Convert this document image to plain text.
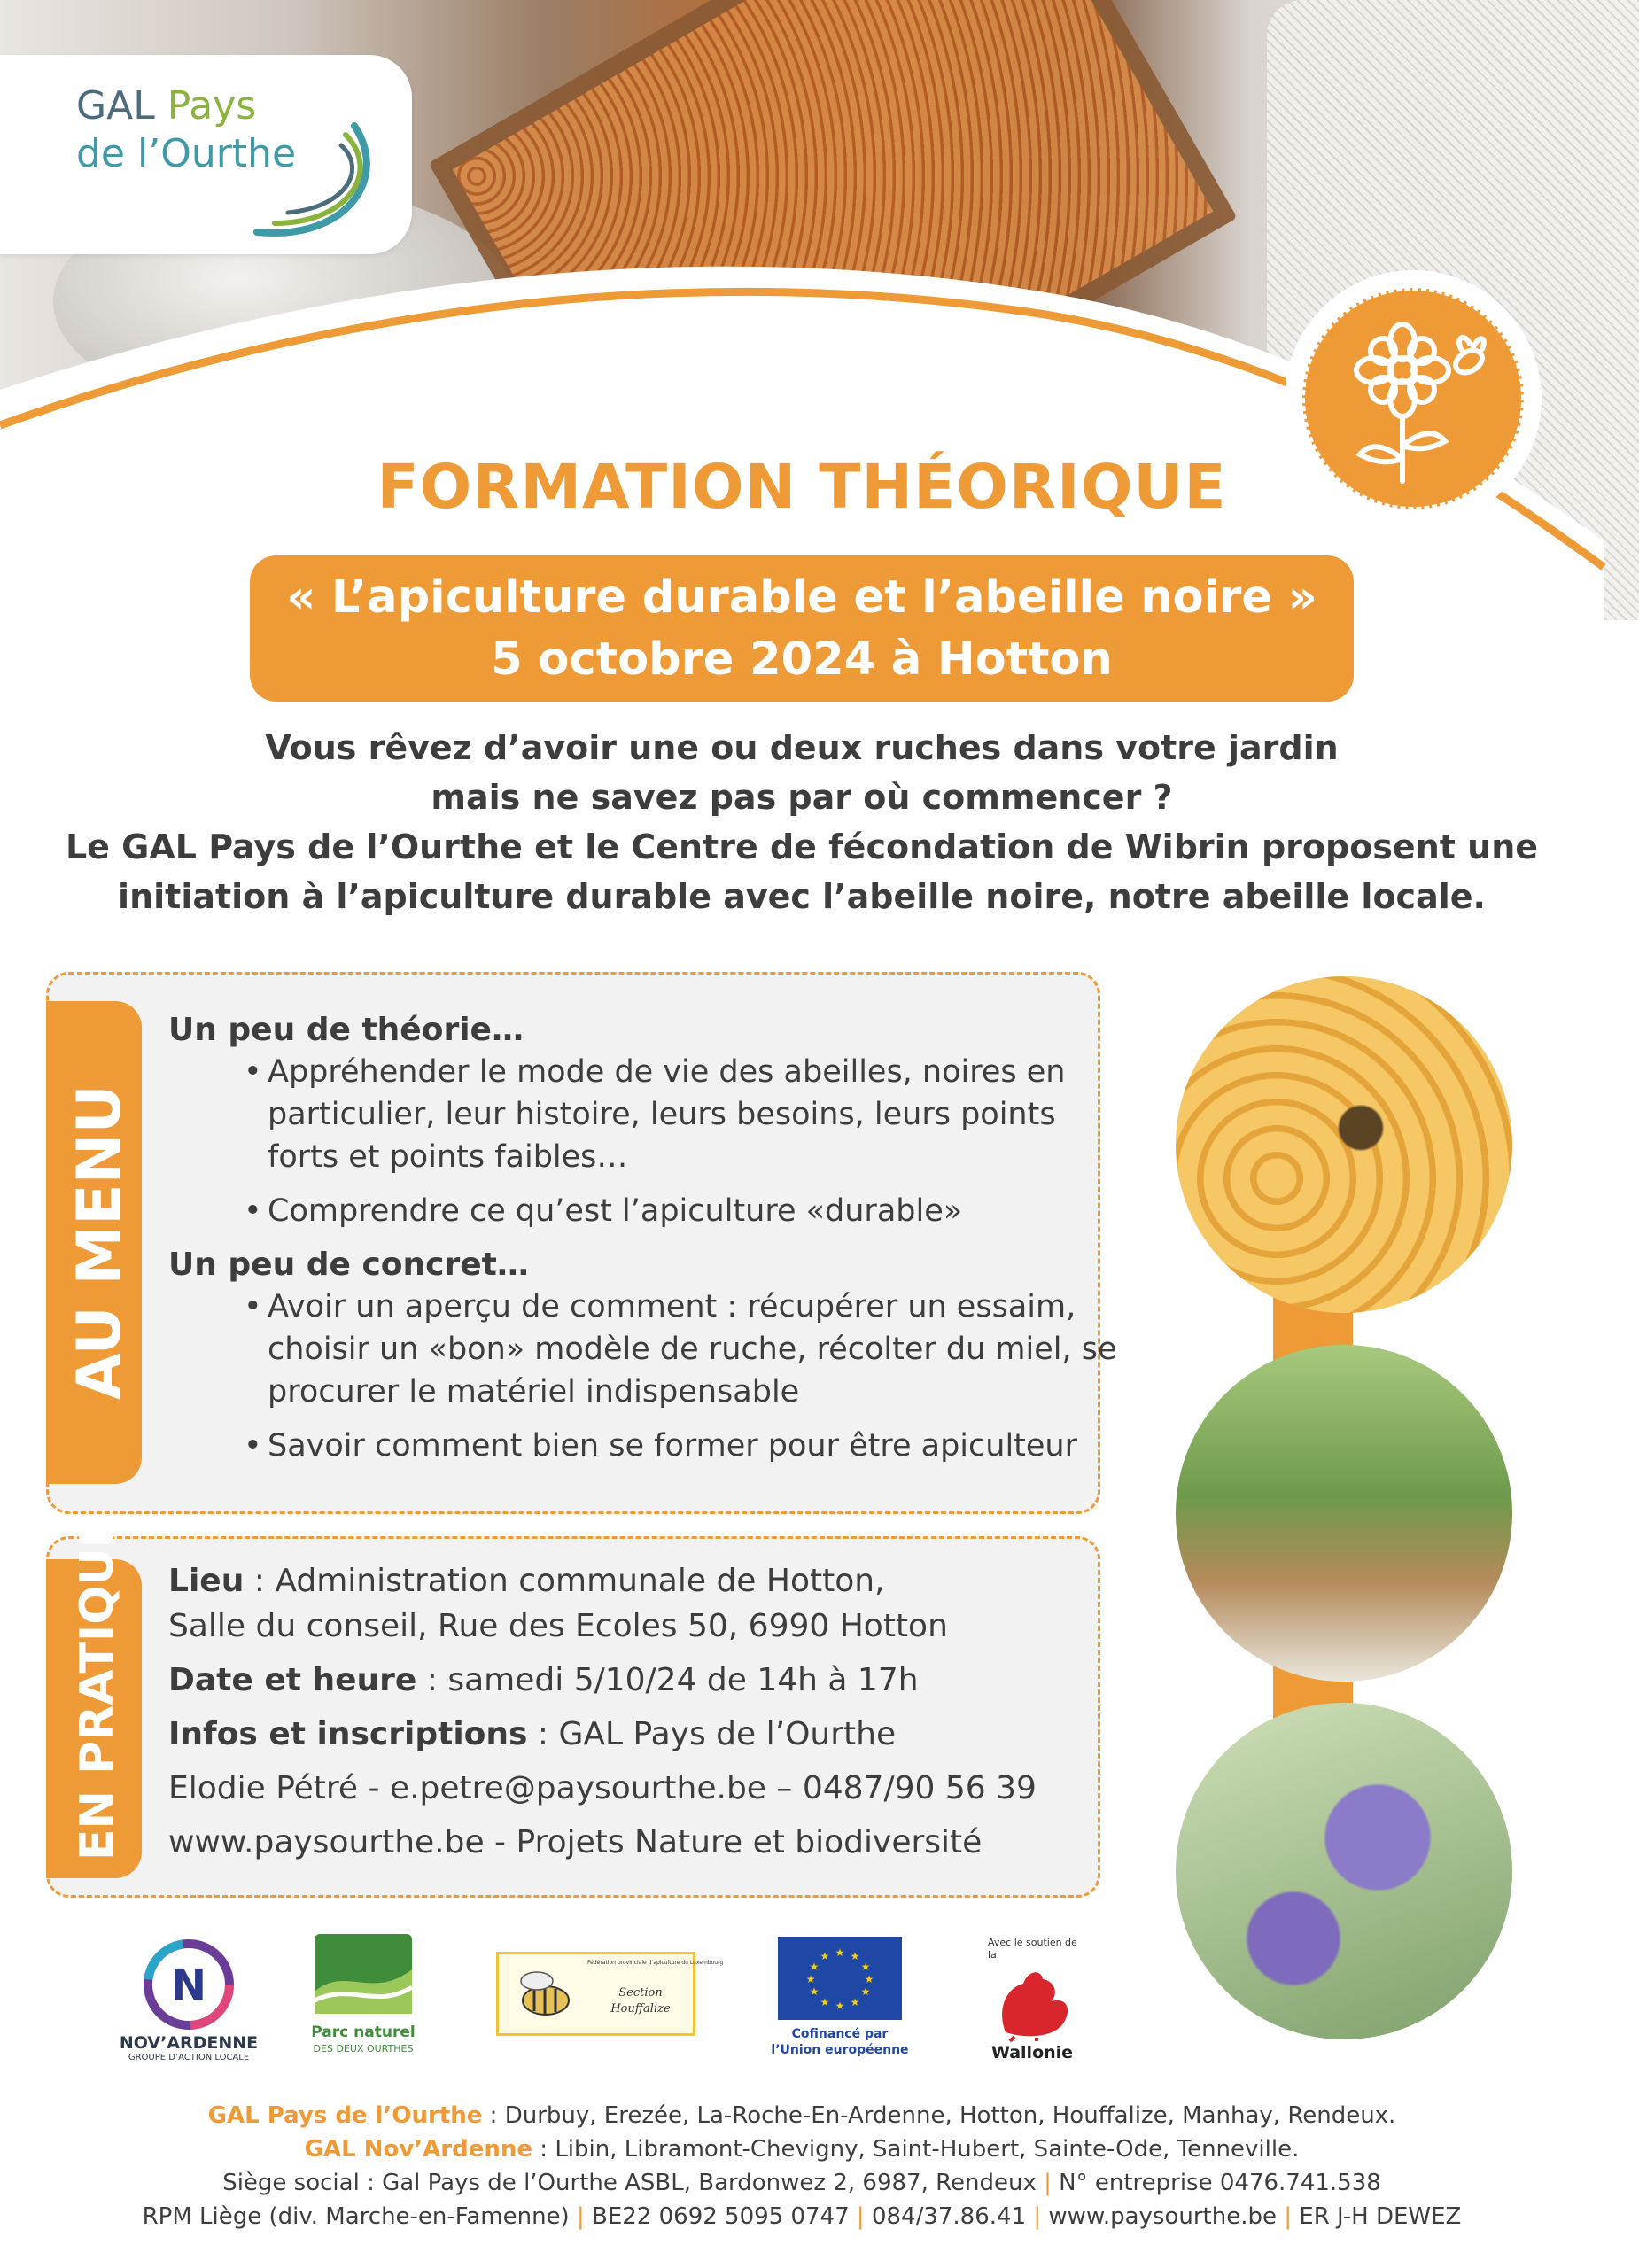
GAL Pays
de l’Ourthe
FORMATION THÉORIQUE
« L’apiculture durable et l’abeille noire »
5 octobre 2024 à Hotton
Vous rêvez d’avoir une ou deux ruches dans votre jardin
mais ne savez pas par où commencer ?
Le GAL Pays de l’Ourthe et le Centre de fécondation de Wibrin proposent une
initiation à l’apiculture durable avec l’abeille noire, notre abeille locale.
AU MENU
Un peu de théorie…
• Appréhender le mode de vie des abeilles, noires en
particulier, leur histoire, leurs besoins, leurs points
forts et points faibles…
• Comprendre ce qu’est l’apiculture «durable»
Un peu de concret…
• Avoir un aperçu de comment : récupérer un essaim,
choisir un «bon» modèle de ruche, récolter du miel, se
procurer le matériel indispensable
• Savoir comment bien se former pour être apiculteur
EN PRATIQUE Lieu : Administration communale de Hotton,
Salle du conseil, Rue des Ecoles 50, 6990 Hotton
Date et heure : samedi 5/10/24 de 14h à 17h
Infos et inscriptions : GAL Pays de l’Ourthe
Elodie Pétré - e.petre@paysourthe.be – 0487/90 56 39
www.paysourthe.be - Projets Nature et biodiversité
N
NOV’ARDENNE
GROUPE D’ACTION LOCALE
Parc naturel
DES DEUX OURTHES
Fédération provinciale d’apiculture du Luxembourg
Section
Houffalize
★ ★
★
★
★
★
★
★
★
★
★
★
Cofinancé par
l’Union européenne
Avec le soutien de
la
Wallonie
GAL Pays de l’Ourthe : Durbuy, Erezée, La-Roche-En-Ardenne, Hotton, Houffalize, Manhay, Rendeux.
GAL Nov’Ardenne : Libin, Libramont-Chevigny, Saint-Hubert, Sainte-Ode, Tenneville.
Siège social : Gal Pays de l’Ourthe ASBL, Bardonwez 2, 6987, Rendeux | N° entreprise 0476.741.538
RPM Liège (div. Marche-en-Famenne) | BE22 0692 5095 0747 | 084/37.86.41 | www.paysourthe.be | ER J-H DEWEZ
